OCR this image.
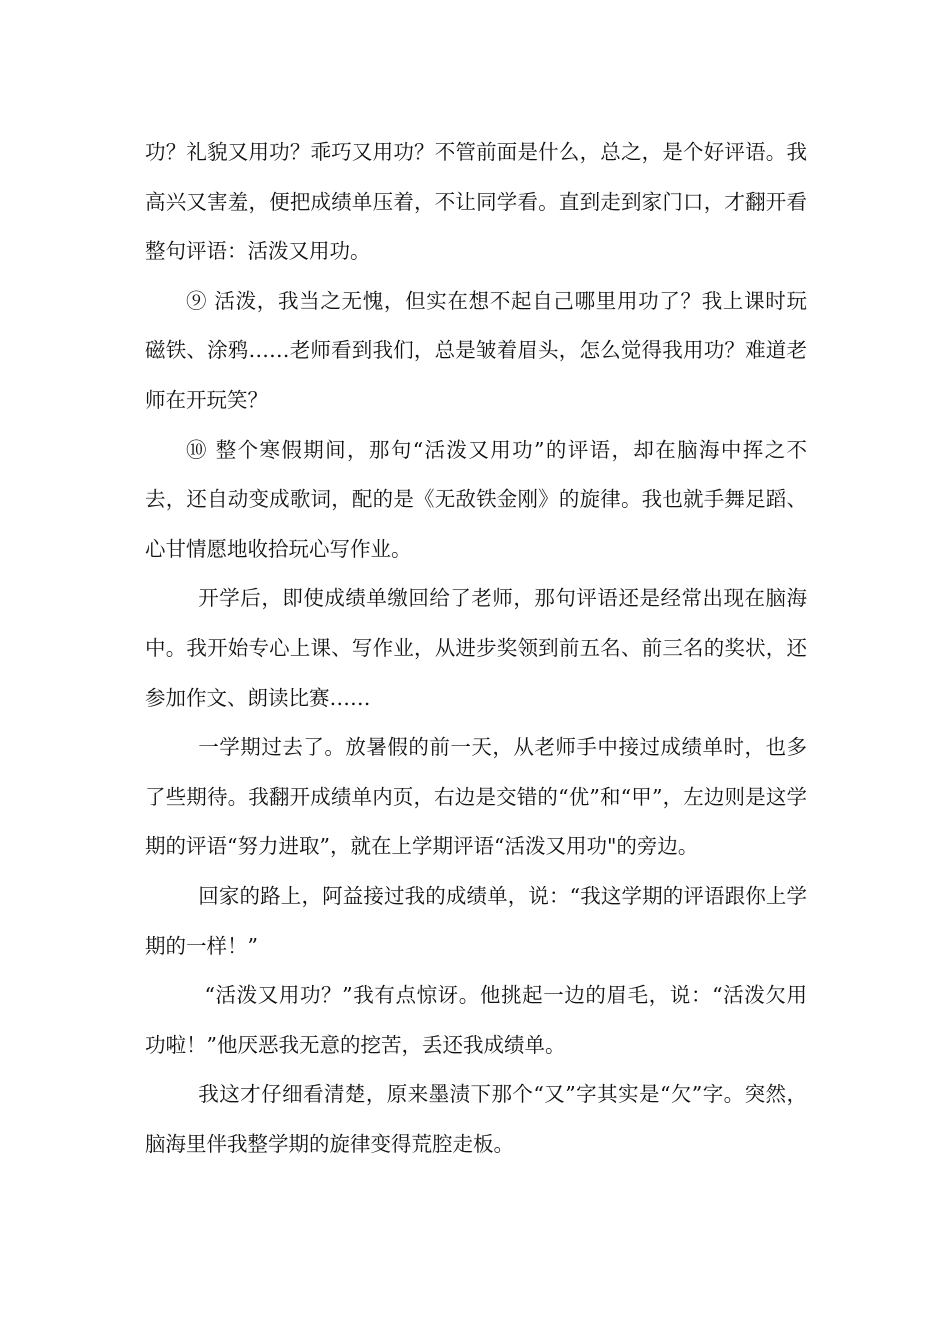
功？礼貌又用功？乖巧又用功？不管前面是什么，总之，是个好评语。我高兴又害羞，便把成绩单压着，不让同学看。直到走到家门口，才翻开看整句评语：活泼又用功。

⑨ 活泼，我当之无愧，但实在想不起自己哪里用功了？我上课时玩磁铁、涂鸦……老师看到我们，总是皱着眉头，怎么觉得我用功？难道老师在开玩笑？

⑩ 整个寒假期间，那句“活泼又用功”的评语，却在脑海中挥之不去，还自动变成歌词，配的是《无敌铁金刚》的旋律。我也就手舞足蹈、心甘情愿地收拾玩心写作业。

开学后，即使成绩单缴回给了老师，那句评语还是经常出现在脑海中。我开始专心上课、写作业，从进步奖领到前五名、前三名的奖状，还参加作文、朗读比赛……

一学期过去了。放暑假的前一天，从老师手中接过成绩单时，也多了些期待。我翻开成绩单内页，右边是交错的“优”和“甲”，左边则是这学期的评语“努力进取”，就在上学期评语“活泼又用功"的旁边。

回家的路上，阿益接过我的成绩单，说：“我这学期的评语跟你上学期的一样！”

“活泼又用功？”我有点惊讶。他挑起一边的眉毛，说：“活泼欠用功啦！”他厌恶我无意的挖苦，丢还我成绩单。

我这才仔细看清楚，原来墨渍下那个“又”字其实是“欠”字。突然，脑海里伴我整学期的旋律变得荒腔走板。
